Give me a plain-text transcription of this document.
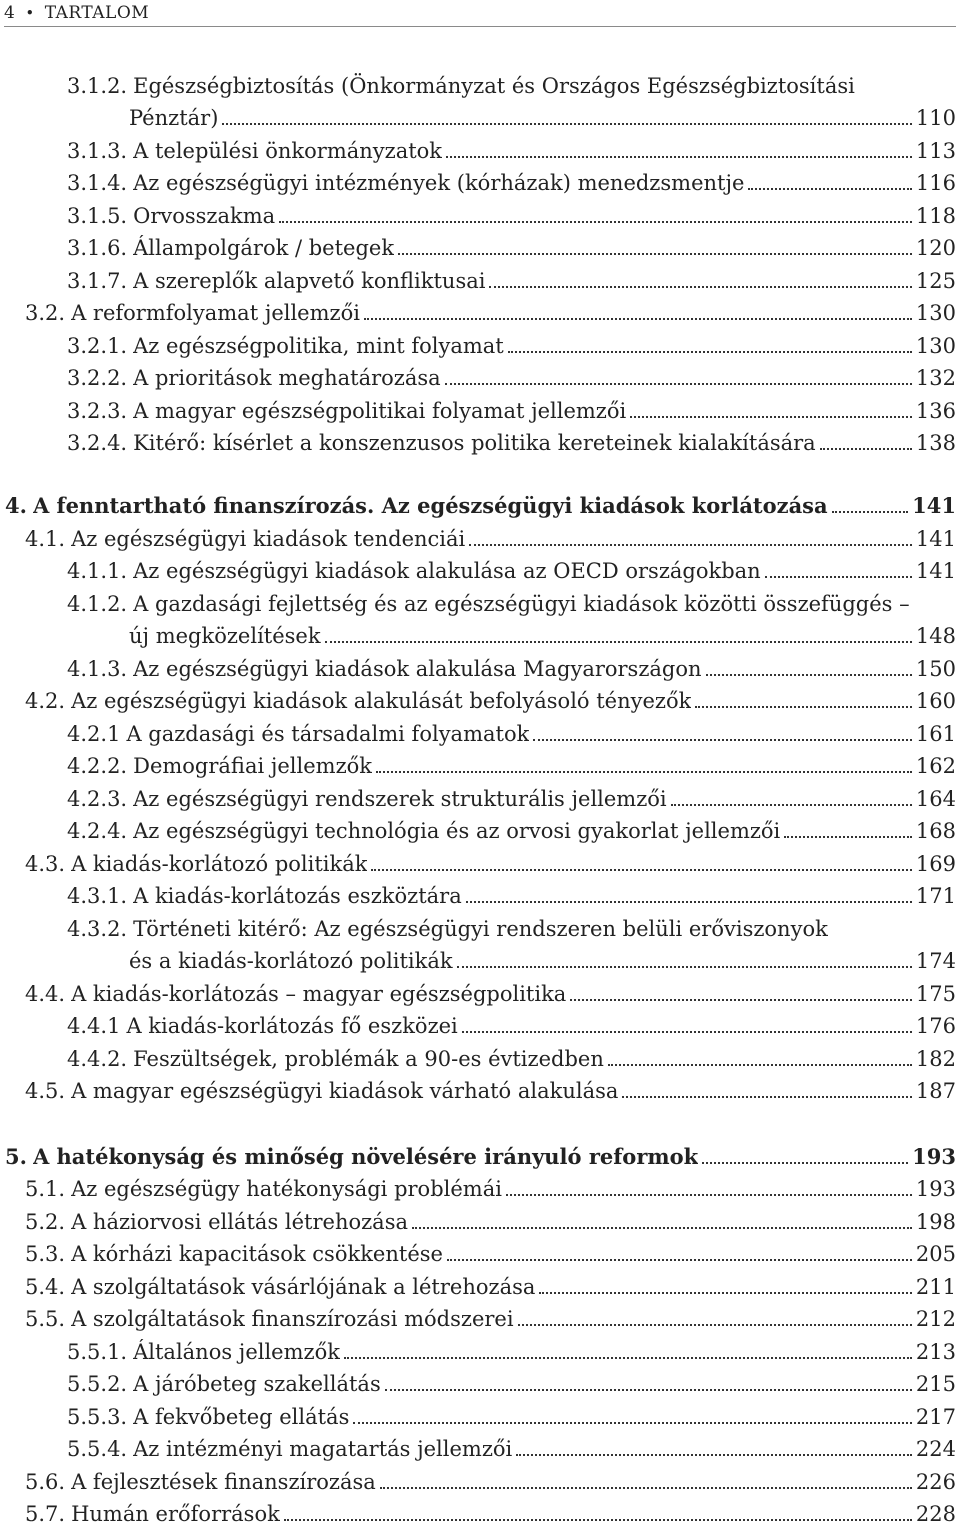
4 • TARTALOM
3.1.2. Egészségbiztosítás (Önkormányzat és Országos Egészségbiztosítási
Pénztár)	110
3.1.3. A települési önkormányzatok	113
3.1.4. Az egészségügyi intézmények (kórházak) menedzsmentje	116
3.1.5. Orvosszakma	118
3.1.6. Állampolgárok / betegek	120
3.1.7. A szereplők alapvető konfliktusai	125
3.2. A reformfolyamat jellemzői	130
3.2.1. Az egészségpolitika, mint folyamat	130
3.2.2. A prioritások meghatározása	132
3.2.3. A magyar egészségpolitikai folyamat jellemzői	136
3.2.4. Kitérő: kísérlet a konszenzusos politika kereteinek kialakítására	138
4. A fenntartható finanszírozás. Az egészségügyi kiadások korlátozása	141
4.1. Az egészségügyi kiadások tendenciái	141
4.1.1. Az egészségügyi kiadások alakulása az OECD országokban	141
4.1.2. A gazdasági fejlettség és az egészségügyi kiadások közötti összefüggés –
új megközelítések	148
4.1.3. Az egészségügyi kiadások alakulása Magyarországon	150
4.2. Az egészségügyi kiadások alakulását befolyásoló tényezők	160
4.2.1 A gazdasági és társadalmi folyamatok	161
4.2.2. Demográfiai jellemzők	162
4.2.3. Az egészségügyi rendszerek strukturális jellemzői	164
4.2.4. Az egészségügyi technológia és az orvosi gyakorlat jellemzői	168
4.3. A kiadás-korlátozó politikák	169
4.3.1. A kiadás-korlátozás eszköztára	171
4.3.2. Történeti kitérő: Az egészségügyi rendszeren belüli erőviszonyok
és a kiadás-korlátozó politikák	174
4.4. A kiadás-korlátozás – magyar egészségpolitika	175
4.4.1 A kiadás-korlátozás fő eszközei	176
4.4.2. Feszültségek, problémák a 90-es évtizedben	182
4.5. A magyar egészségügyi kiadások várható alakulása	187
5. A hatékonyság és minőség növelésére irányuló reformok	193
5.1. Az egészségügy hatékonysági problémái	193
5.2. A háziorvosi ellátás létrehozása	198
5.3. A kórházi kapacitások csökkentése	205
5.4. A szolgáltatások vásárlójának a létrehozása	211
5.5. A szolgáltatások finanszírozási módszerei	212
5.5.1. Általános jellemzők	213
5.5.2. A járóbeteg szakellátás	215
5.5.3. A fekvőbeteg ellátás	217
5.5.4. Az intézményi magatartás jellemzői	224
5.6. A fejlesztések finanszírozása	226
5.7. Humán erőforrások	228
